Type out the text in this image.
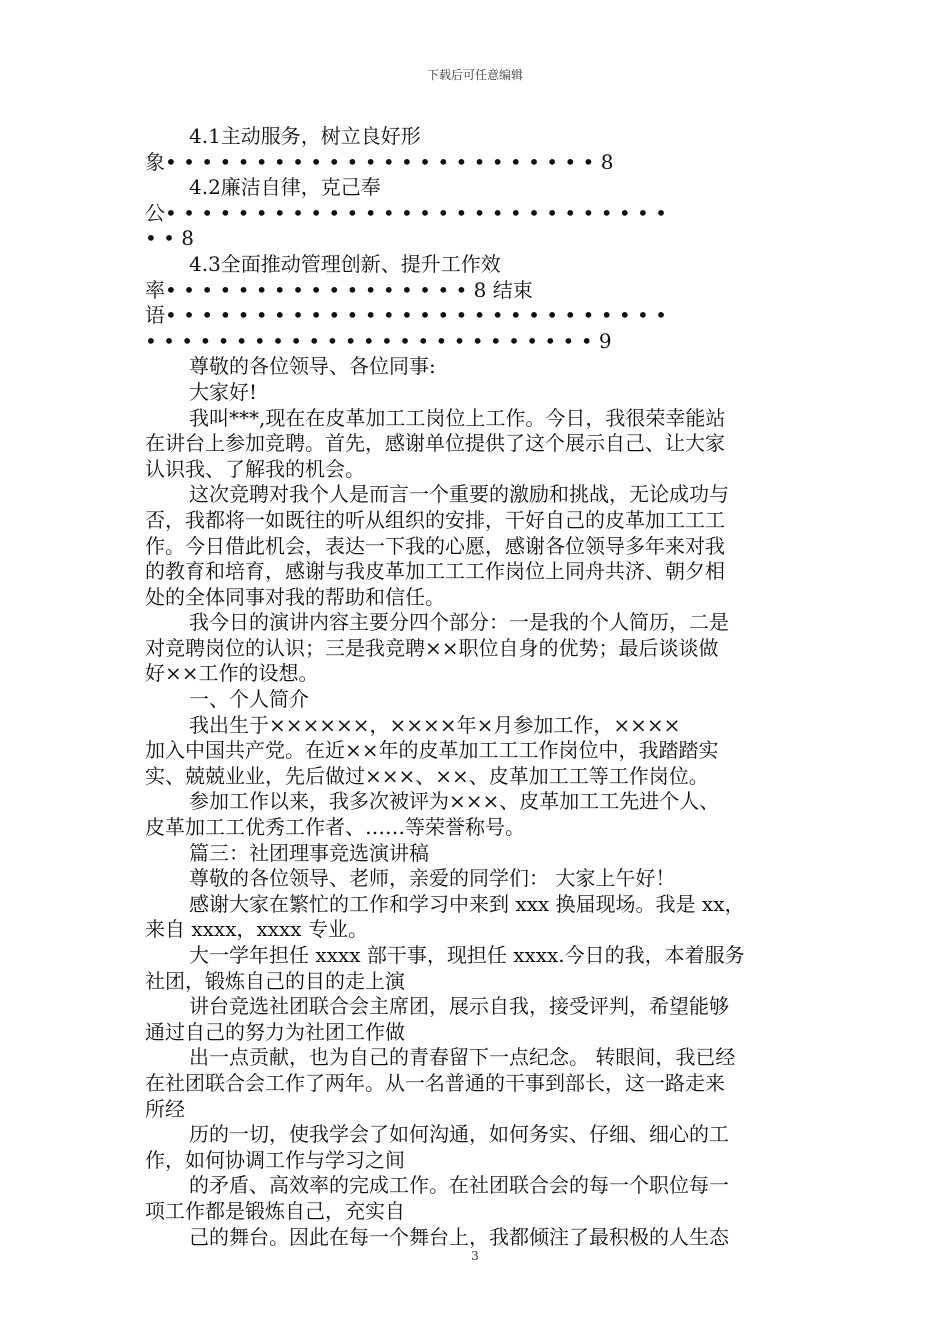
下载后可任意编辑
4.1主动服务，树立良好形
象• • • • • • • • • • • • • • • • • • • • • • • • 8
4.2廉洁自律，克己奉
公• • • • • • • • • • • • • • • • • • • • • • • • • • • •
• • 8
4.3全面推动管理创新、提升工作效
率• • • • • • • • • • • • • • • • • 8 结束
语• • • • • • • • • • • • • • • • • • • • • • • • • • • •
• • • • • • • • • • • • • • • • • • • • • • • • • 9
尊敬的各位领导、各位同事:
大家好!
我叫***,现在在皮革加工工岗位上工作。今日，我很荣幸能站
在讲台上参加竞聘。首先，感谢单位提供了这个展示自己、让大家
认识我、了解我的机会。
这次竞聘对我个人是而言一个重要的激励和挑战，无论成功与
否，我都将一如既往的听从组织的安排，干好自己的皮革加工工工
作。今日借此机会，表达一下我的心愿，感谢各位领导多年来对我
的教育和培育，感谢与我皮革加工工工作岗位上同舟共济、朝夕相
处的全体同事对我的帮助和信任。
我今日的演讲内容主要分四个部分：一是我的个人简历，二是
对竞聘岗位的认识；三是我竞聘××职位自身的优势；最后谈谈做
好××工作的设想。
一、个人简介
我出生于××××××，××××年×月参加工作，××××
加入中国共产党。在近××年的皮革加工工工作岗位中，我踏踏实
实、兢兢业业，先后做过×××、××、皮革加工工等工作岗位。
参加工作以来，我多次被评为×××、皮革加工工先进个人、
皮革加工工优秀工作者、……等荣誉称号。
篇三：社团理事竞选演讲稿
尊敬的各位领导、老师，亲爱的同学们： 大家上午好！
感谢大家在繁忙的工作和学习中来到 xxx 换届现场。我是 xx，
来自 xxxx，xxxx 专业。
大一学年担任 xxxx 部干事，现担任 xxxx.今日的我，本着服务
社团，锻炼自己的目的走上演
讲台竞选社团联合会主席团，展示自我，接受评判，希望能够
通过自己的努力为社团工作做
出一点贡献，也为自己的青春留下一点纪念。 转眼间，我已经
在社团联合会工作了两年。从一名普通的干事到部长，这一路走来
所经
历的一切，使我学会了如何沟通，如何务实、仔细、细心的工
作，如何协调工作与学习之间
的矛盾、高效率的完成工作。在社团联合会的每一个职位每一
项工作都是锻炼自己，充实自
己的舞台。因此在每一个舞台上，我都倾注了最积极的人生态
3
